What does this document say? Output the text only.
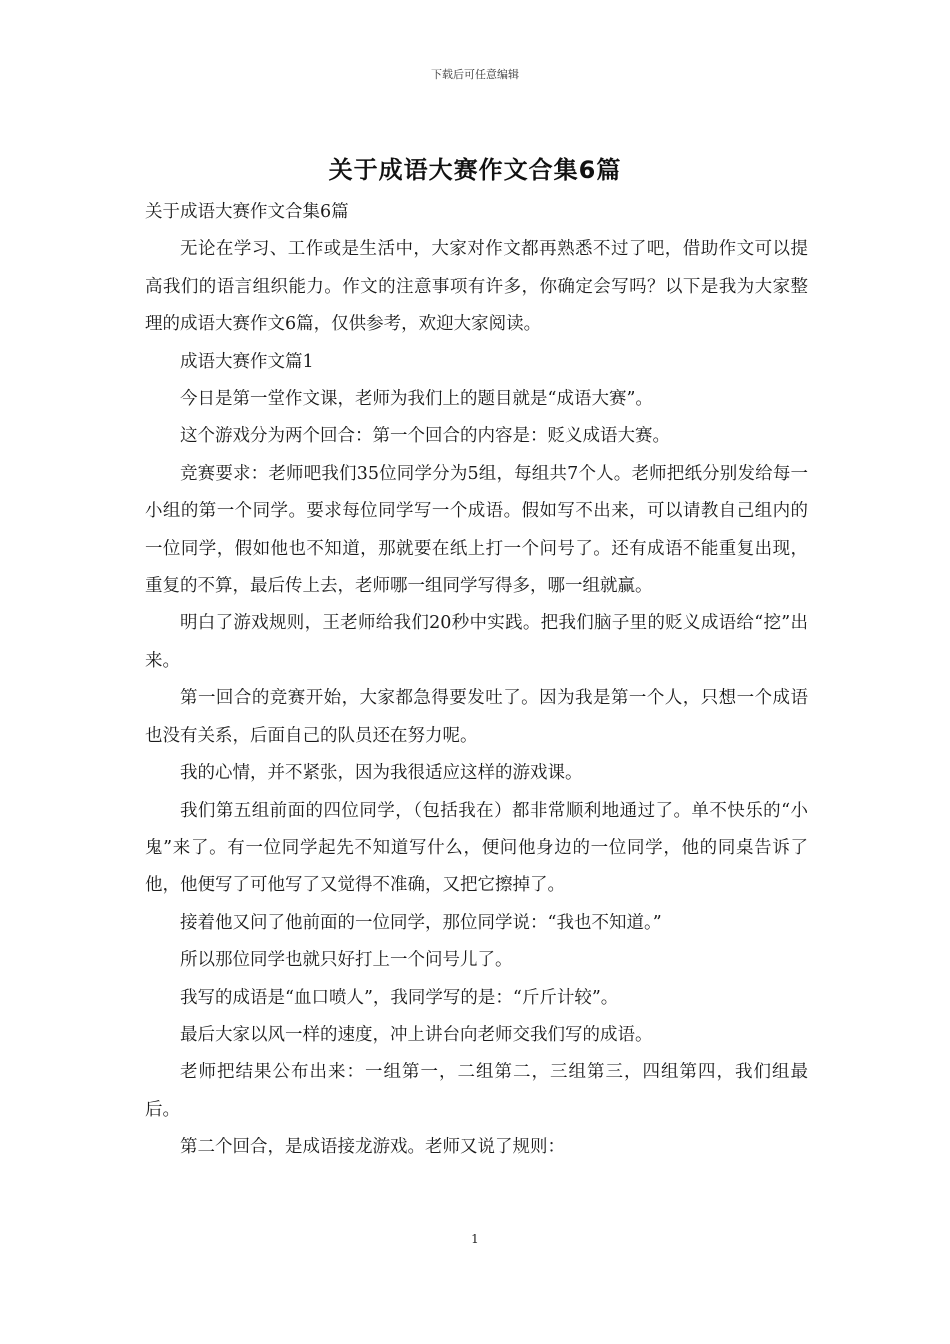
下载后可任意编辑
关于成语大赛作文合集6篇

关于成语大赛作文合集6篇

无论在学习、工作或是生活中，大家对作文都再熟悉不过了吧，借助作文可以提高我们的语言组织能力。作文的注意事项有许多，你确定会写吗？以下是我为大家整理的成语大赛作文6篇，仅供参考，欢迎大家阅读。

成语大赛作文篇1

今日是第一堂作文课，老师为我们上的题目就是“成语大赛”。

这个游戏分为两个回合：第一个回合的内容是：贬义成语大赛。

竞赛要求：老师吧我们35位同学分为5组，每组共7个人。老师把纸分别发给每一小组的第一个同学。要求每位同学写一个成语。假如写不出来，可以请教自己组内的一位同学，假如他也不知道，那就要在纸上打一个问号了。还有成语不能重复出现，重复的不算，最后传上去，老师哪一组同学写得多，哪一组就赢。

明白了游戏规则，王老师给我们20秒中实践。把我们脑子里的贬义成语给“挖”出来。

第一回合的竞赛开始，大家都急得要发吐了。因为我是第一个人，只想一个成语也没有关系，后面自己的队员还在努力呢。

我的心情，并不紧张，因为我很适应这样的游戏课。

我们第五组前面的四位同学，（包括我在）都非常顺利地通过了。单不快乐的“小鬼”来了。有一位同学起先不知道写什么，便问他身边的一位同学，他的同桌告诉了他，他便写了可他写了又觉得不准确，又把它擦掉了。

接着他又问了他前面的一位同学，那位同学说：“我也不知道。”

所以那位同学也就只好打上一个问号儿了。

我写的成语是“血口喷人”，我同学写的是：“斤斤计较”。

最后大家以风一样的速度，冲上讲台向老师交我们写的成语。

老师把结果公布出来：一组第一，二组第二，三组第三，四组第四，我们组最后。

第二个回合，是成语接龙游戏。老师又说了规则：

1
